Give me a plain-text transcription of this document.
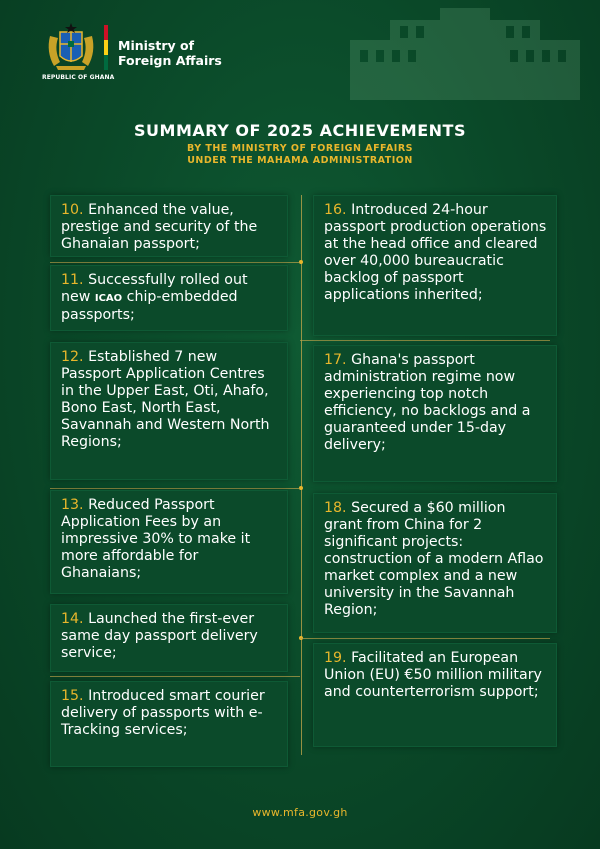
REPUBLIC OF GHANA
Ministry of
Foreign Affairs
SUMMARY OF 2025 ACHIEVEMENTS
BY THE MINISTRY OF FOREIGN AFFAIRS
UNDER THE MAHAMA ADMINISTRATION
10. Enhanced the value, prestige and security of the Ghanaian passport;
11. Successfully rolled out new ICAO chip-embedded passports;
12. Established 7 new Passport Application Centres in the Upper East, Oti, Ahafo, Bono East, North East, Savannah and Western North Regions;
13. Reduced Passport Application Fees by an impressive 30% to make it more affordable for Ghanaians;
14. Launched the first-ever same day passport delivery service;
15. Introduced smart courier delivery of passports with e-Tracking services;
16. Introduced 24-hour passport production operations at the head office and cleared over 40,000 bureaucratic backlog of passport applications inherited;
17. Ghana's passport administration regime now experiencing top notch efficiency, no backlogs and a guaranteed under 15-day delivery;
18. Secured a $60 million grant from China for 2 significant projects: construction of a modern Aflao market complex and a new university in the Savannah Region;
19. Facilitated an European Union (EU) €50 million military and counterterrorism support;
www.mfa.gov.gh
